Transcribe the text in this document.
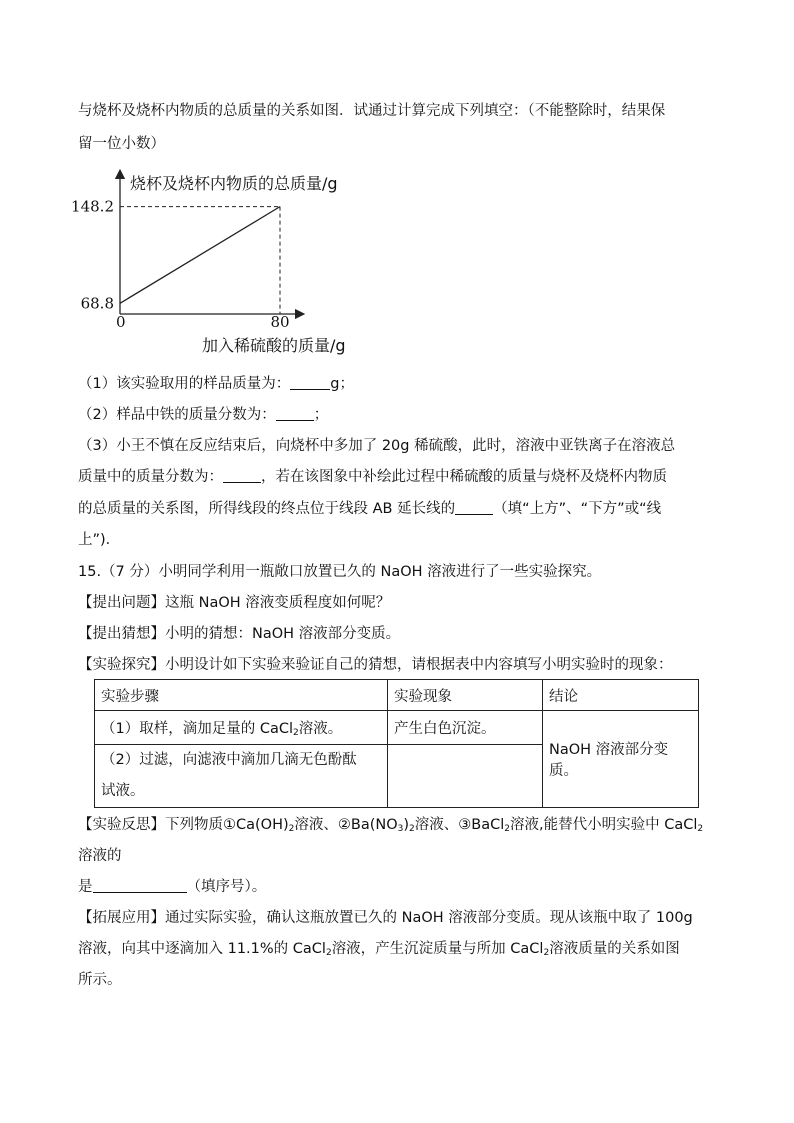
与烧杯及烧杯内物质的总质量的关系如图．试通过计算完成下列填空：（不能整除时，结果保
留一位小数）
烧杯及烧杯内物质的总质量/g
加入稀硫酸的质量/g
0
148.2
68.8
80
（1）该实验取用的样品质量为：	g；
（2）样品中铁的质量分数为：	；
（3）小王不慎在反应结束后，向烧杯中多加了 20g 稀硫酸，此时，溶液中亚铁离子在溶液总
质量中的质量分数为：	，若在该图象中补绘此过程中稀硫酸的质量与烧杯及烧杯内物质
的总质量的关系图，所得线段的终点位于线段 AB 延长线的	（填“上方”、“下方”或“线
上”)．
15.（7 分）小明同学利用一瓶敞口放置已久的 NaOH 溶液进行了一些实验探究。
【提出问题】这瓶 NaOH 溶液变质程度如何呢？
【提出猜想】小明的猜想：NaOH 溶液部分变质。
【实验探究】小明设计如下实验来验证自己的猜想，请根据表中内容填写小明实验时的现象：
实验步骤	实验现象	结论
（1）取样，滴加足量的 CaCl$_2$溶液。	产生白色沉淀。	NaOH 溶液部分变质。

（2）过滤，向滤液中滴加几滴无色酚酞
试液。		

【实验反思】下列物质$①Ca(OH)_2$溶液、$②Ba(NO_3)_2$溶液、③BaCl$_2$溶液,能替代小明实验中 CaCl$_2$
溶液的
是	（填序号）。
【拓展应用】通过实际实验，确认这瓶放置已久的 NaOH 溶液部分变质。现从该瓶中取了 100g
溶液，向其中逐滴加入 11.1%的 CaCl$_2$溶液，产生沉淀质量与所加 CaCl$_2$溶液质量的关系如图
所示。
